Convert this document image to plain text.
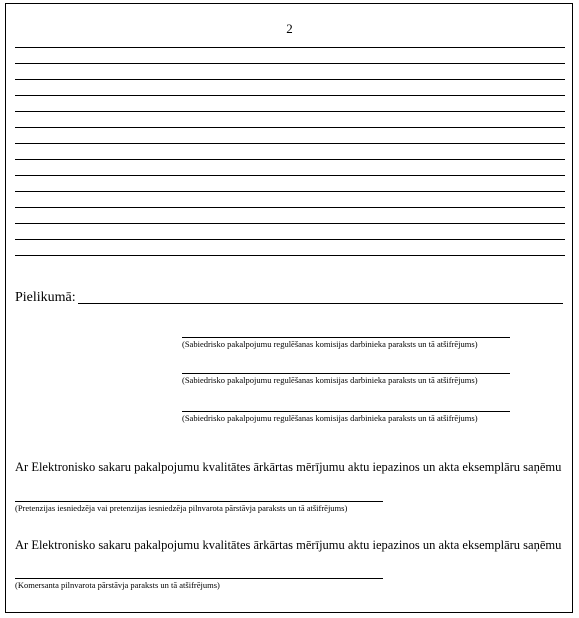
2
Pielikumā:
(Sabiedrisko pakalpojumu regulēšanas komisijas darbinieka paraksts un tā atšifrējums)
(Sabiedrisko pakalpojumu regulēšanas komisijas darbinieka paraksts un tā atšifrējums)
(Sabiedrisko pakalpojumu regulēšanas komisijas darbinieka paraksts un tā atšifrējums)
Ar Elektronisko sakaru pakalpojumu kvalitātes ārkārtas mērījumu aktu iepazinos un akta eksemplāru saņēmu
(Pretenzijas iesniedzēja vai pretenzijas iesniedzēja pilnvarota pārstāvja paraksts un tā atšifrējums)
Ar Elektronisko sakaru pakalpojumu kvalitātes ārkārtas mērījumu aktu iepazinos un akta eksemplāru saņēmu
(Komersanta pilnvarota pārstāvja paraksts un tā atšifrējums)
